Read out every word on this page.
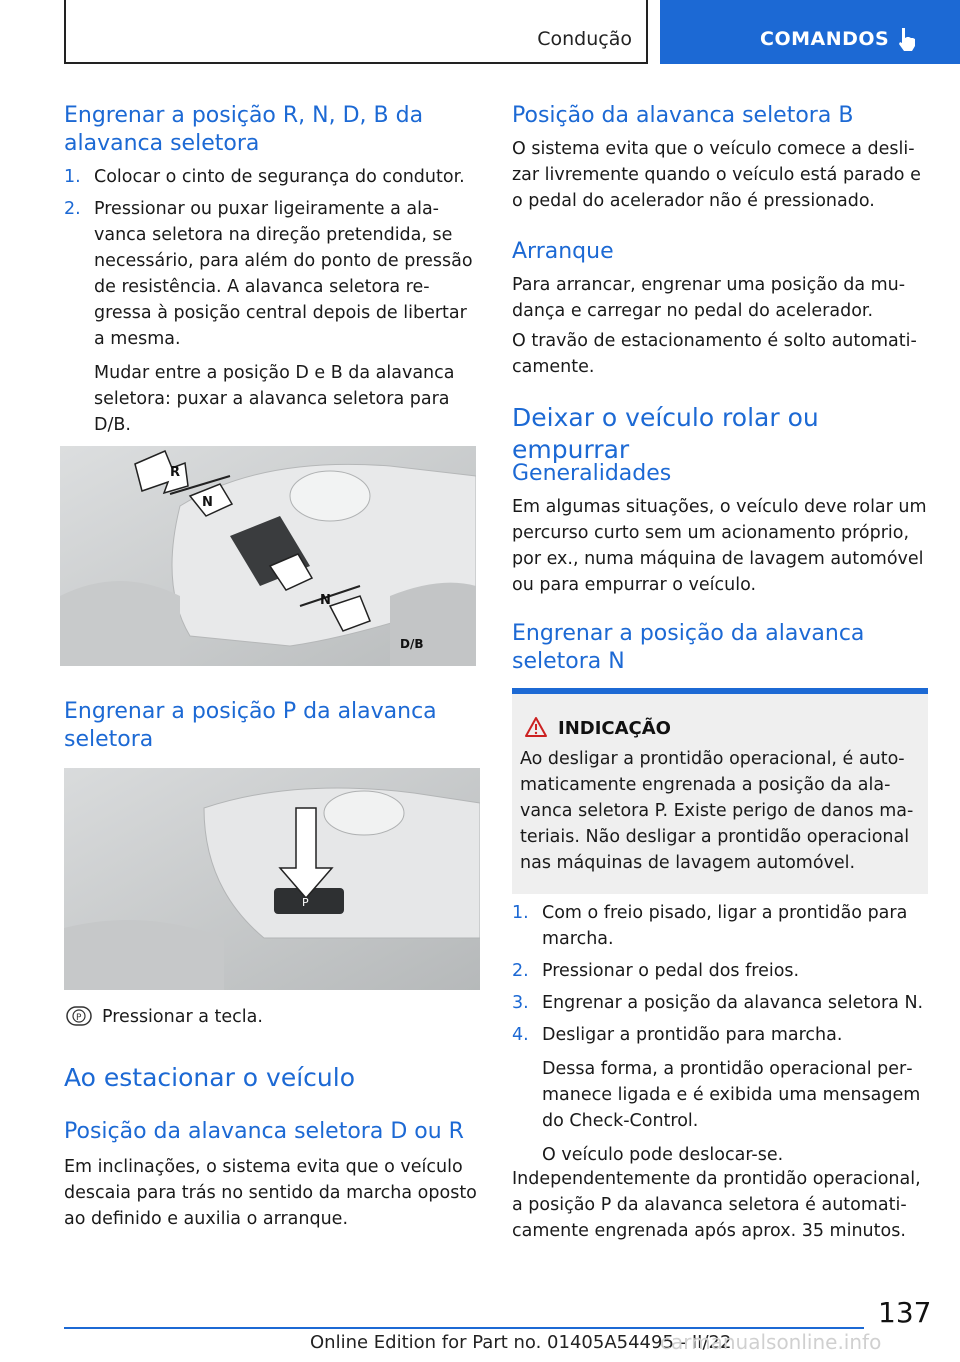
Condução	COMANDOS
Engrenar a posição R, N, D, B da alavanca seletora
1. Colocar o cinto de segurança do condutor.
2. Pressionar ou puxar ligeiramente a alavanca seletora na direção pretendida, se necessário, para além do ponto de pressão de resistência. A alavanca seletora regressa à posição central depois de libertar a mesma.
Mudar entre a posição D e B da alavanca seletora: puxar a alavanca seletora para D/B.
R
N
N
D/B
Engrenar a posição P da alavanca seletora
P
P Pressionar a tecla.
Ao estacionar o veículo
Posição da alavanca seletora D ou R
Em inclinações, o sistema evita que o veículo descaia para trás no sentido da marcha oposto ao definido e auxilia o arranque.
Posição da alavanca seletora B
O sistema evita que o veículo comece a deslizar livremente quando o veículo está parado e o pedal do acelerador não é pressionado.
Arranque
Para arrancar, engrenar uma posição da mudança e carregar no pedal do acelerador.
O travão de estacionamento é solto automaticamente.
Deixar o veículo rolar ou empurrar
Generalidades
Em algumas situações, o veículo deve rolar um percurso curto sem um acionamento próprio, por ex., numa máquina de lavagem automóvel ou para empurrar o veículo.
Engrenar a posição da alavanca seletora N
INDICAÇÃO
Ao desligar a prontidão operacional, é automaticamente engrenada a posição da alavanca seletora P. Existe perigo de danos materiais. Não desligar a prontidão operacional nas máquinas de lavagem automóvel.
1. Com o freio pisado, ligar a prontidão para marcha.
2. Pressionar o pedal dos freios.
3. Engrenar a posição da alavanca seletora N.
4. Desligar a prontidão para marcha.
Dessa forma, a prontidão operacional permanece ligada e é exibida uma mensagem do Check-Control.
O veículo pode deslocar-se.
Independentemente da prontidão operacional, a posição P da alavanca seletora é automaticamente engrenada após aprox. 35 minutos.
137
Online Edition for Part no. 01405A54495 - II/22
carmanualsonline.info
